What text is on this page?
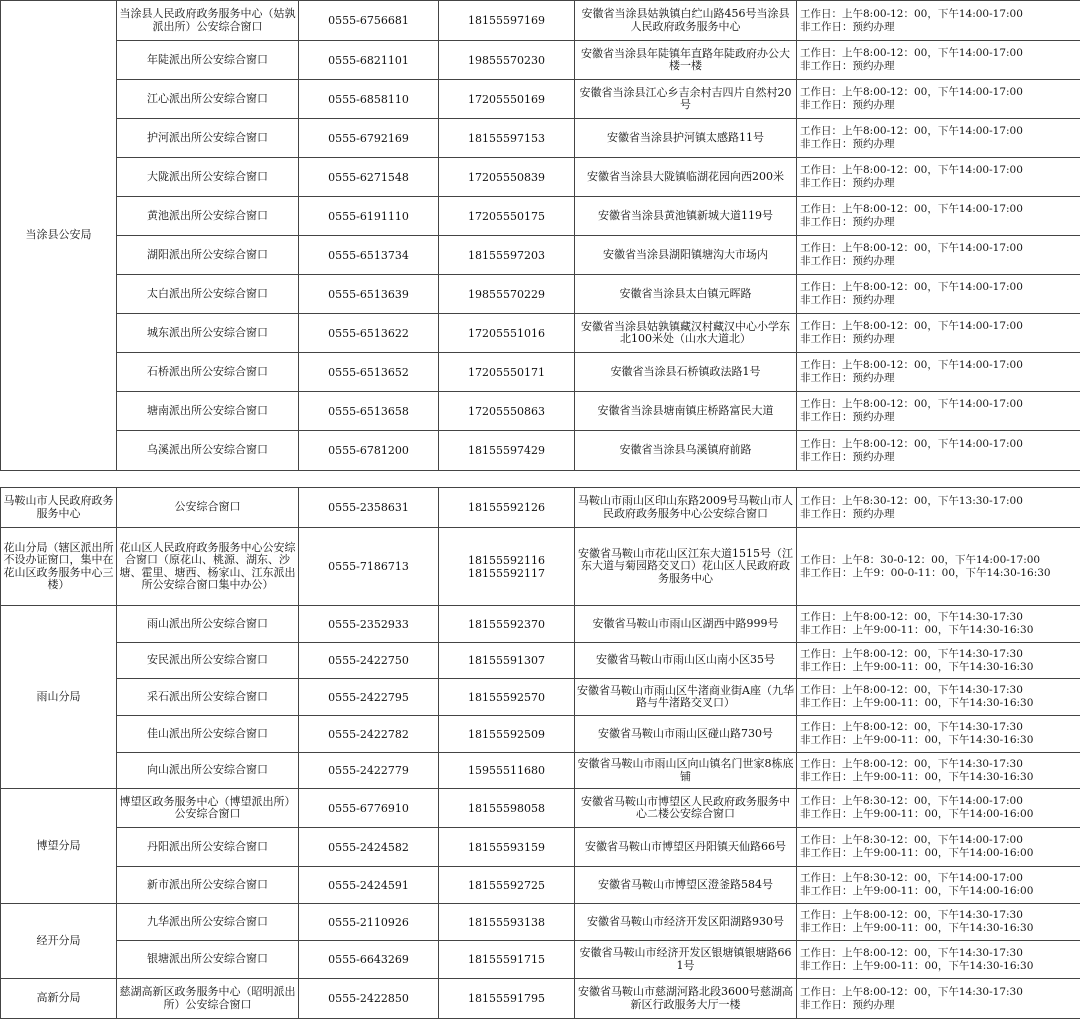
当涂县公安局	当涂县人民政府政务服务中心（姑孰派出所）公安综合窗口	0555-6756681	18155597169	安徽省当涂县姑孰镇白纻山路456号当涂县人民政府政务服务中心	工作日：上午8:00-12：00，下午14:00-17:00
非工作日：预约办理

	年陡派出所公安综合窗口	0555-6821101	19855570230	安徽省当涂县年陡镇年直路年陡政府办公大楼一楼	工作日：上午8:00-12：00，下午14:00-17:00
非工作日：预约办理

	江心派出所公安综合窗口	0555-6858110	17205550169	安徽省当涂县江心乡吉余村吉四片自然村20号	工作日：上午8:00-12：00，下午14:00-17:00
非工作日：预约办理

	护河派出所公安综合窗口	0555-6792169	18155597153	安徽省当涂县护河镇太感路11号	工作日：上午8:00-12：00，下午14:00-17:00
非工作日：预约办理

	大陇派出所公安综合窗口	0555-6271548	17205550839	安徽省当涂县大陇镇临湖花园向西200米	工作日：上午8:00-12：00，下午14:00-17:00
非工作日：预约办理

	黄池派出所公安综合窗口	0555-6191110	17205550175	安徽省当涂县黄池镇新城大道119号	工作日：上午8:00-12：00，下午14:00-17:00
非工作日：预约办理

	湖阳派出所公安综合窗口	0555-6513734	18155597203	安徽省当涂县湖阳镇塘沟大市场内	工作日：上午8:00-12：00，下午14:00-17:00
非工作日：预约办理

	太白派出所公安综合窗口	0555-6513639	19855570229	安徽省当涂县太白镇元晖路	工作日：上午8:00-12：00，下午14:00-17:00
非工作日：预约办理

	城东派出所公安综合窗口	0555-6513622	17205551016	安徽省当涂县姑孰镇藏汉村藏汉中心小学东北100米处（山水大道北）	工作日：上午8:00-12：00，下午14:00-17:00
非工作日：预约办理

	石桥派出所公安综合窗口	0555-6513652	17205550171	安徽省当涂县石桥镇政法路1号	工作日：上午8:00-12：00，下午14:00-17:00
非工作日：预约办理

	塘南派出所公安综合窗口	0555-6513658	17205550863	安徽省当涂县塘南镇庄桥路富民大道	工作日：上午8:00-12：00，下午14:00-17:00
非工作日：预约办理

	乌溪派出所公安综合窗口	0555-6781200	18155597429	安徽省当涂县乌溪镇府前路	工作日：上午8:00-12：00，下午14:00-17:00
非工作日：预约办理
马鞍山市人民政府政务服务中心	公安综合窗口	0555-2358631	18155592126	马鞍山市雨山区印山东路2009号马鞍山市人民政府政务服务中心公安综合窗口	工作日：上午8:30-12：00，下午13:30-17:00
非工作日：预约办理

花山分局（辖区派出所不设办证窗口，集中在花山区政务服务中心三楼）	花山区人民政府政务服务中心公安综合窗口（原花山、桃源、湖东、沙塘、霍里、塘西、杨家山、江东派出所公安综合窗口集中办公）	0555-7186713	18155592116
18155592117	安徽省马鞍山市花山区江东大道1515号（江东大道与菊园路交叉口）花山区人民政府政务服务中心	工作日：上午8：30-0-12：00，下午14:00-17:00
非工作日：上午9：00-0-11：00，下午14:30-16:30

雨山分局	雨山派出所公安综合窗口	0555-2352933	18155592370	安徽省马鞍山市雨山区湖西中路999号	工作日：上午8:00-12：00，下午14:30-17:30
非工作日：上午9:00-11：00，下午14:30-16:30

	安民派出所公安综合窗口	0555-2422750	18155591307	安徽省马鞍山市雨山区山南小区35号	工作日：上午8:00-12：00，下午14:30-17:30
非工作日：上午9:00-11：00，下午14:30-16:30

	采石派出所公安综合窗口	0555-2422795	18155592570	安徽省马鞍山市雨山区牛渚商业街A座（九华路与牛渚路交叉口）	工作日：上午8:00-12：00，下午14:30-17:30
非工作日：上午9:00-11：00，下午14:30-16:30

	佳山派出所公安综合窗口	0555-2422782	18155592509	安徽省马鞍山市雨山区碰山路730号	工作日：上午8:00-12：00，下午14:30-17:30
非工作日：上午9:00-11：00，下午14:30-16:30

	向山派出所公安综合窗口	0555-2422779	15955511680	安徽省马鞍山市雨山区向山镇名门世家8栋底铺	工作日：上午8:00-12：00，下午14:30-17:30
非工作日：上午9:00-11：00，下午14:30-16:30

博望分局	博望区政务服务中心（博望派出所）公安综合窗口	0555-6776910	18155598058	安徽省马鞍山市博望区人民政府政务服务中心二楼公安综合窗口	工作日：上午8:30-12：00，下午14:00-17:00
非工作日：上午9:00-11：00，下午14:00-16:00

	丹阳派出所公安综合窗口	0555-2424582	18155593159	安徽省马鞍山市博望区丹阳镇天仙路66号	工作日：上午8:30-12：00，下午14:00-17:00
非工作日：上午9:00-11：00，下午14:00-16:00

	新市派出所公安综合窗口	0555-2424591	18155592725	安徽省马鞍山市博望区澄釜路584号	工作日：上午8:30-12：00，下午14:00-17:00
非工作日：上午9:00-11：00，下午14:00-16:00

经开分局	九华派出所公安综合窗口	0555-2110926	18155593138	安徽省马鞍山市经济开发区阳湖路930号	工作日：上午8:00-12：00，下午14:30-17:30
非工作日：上午9:00-11：00，下午14:30-16:30

	银塘派出所公安综合窗口	0555-6643269	18155591715	安徽省马鞍山市经济开发区银塘镇银塘路661号	工作日：上午8:00-12：00，下午14:30-17:30
非工作日：上午9:00-11：00，下午14:30-16:30

高新分局	慈湖高新区政务服务中心（昭明派出所）公安综合窗口	0555-2422850	18155591795	安徽省马鞍山市慈湖河路北段3600号慈湖高新区行政服务大厅一楼	工作日：上午8:00-12：00，下午14:30-17:30
非工作日：预约办理
